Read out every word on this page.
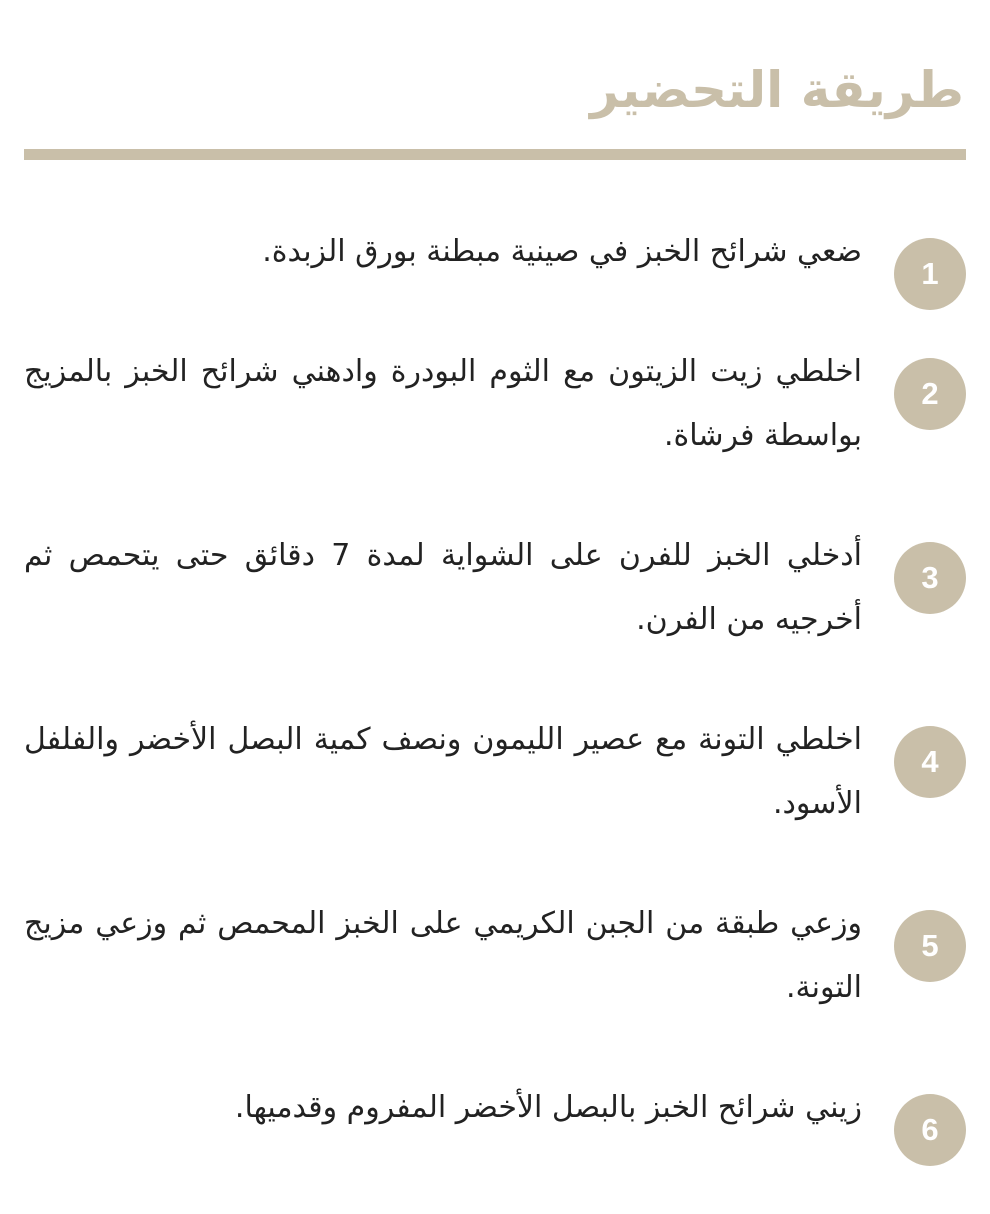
طريقة التحضير
1

ضعي شرائح الخبز في صينية مبطنة بورق الزبدة.

2

اخلطي زيت الزيتون مع الثوم البودرة وادهني شرائح الخبز بالمزيج بواسطة فرشاة.

3

أدخلي الخبز للفرن على الشواية لمدة 7 دقائق حتى يتحمص ثم أخرجيه من الفرن.

4

اخلطي التونة مع عصير الليمون ونصف كمية البصل الأخضر والفلفل الأسود.

5

وزعي طبقة من الجبن الكريمي على الخبز المحمص ثم وزعي مزيج التونة.

6

زيني شرائح الخبز بالبصل الأخضر المفروم وقدميها.
